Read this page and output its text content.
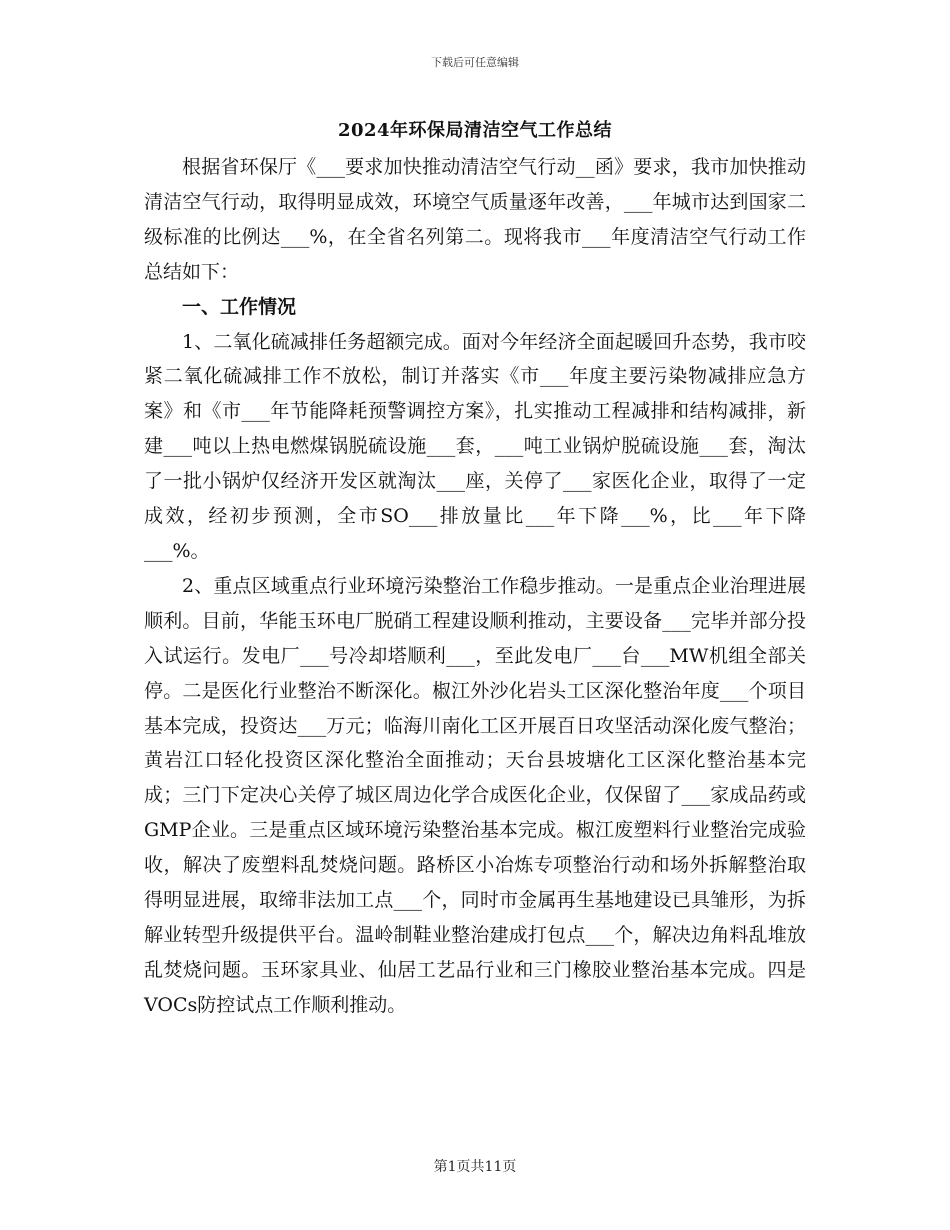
下载后可任意编辑
2024年环保局清洁空气工作总结

根据省环保厅《___要求加快推动清洁空气行动__函》要求，我市加快推动清洁空气行动，取得明显成效，环境空气质量逐年改善，___年城市达到国家二级标准的比例达___%，在全省名列第二。现将我市___年度清洁空气行动工作总结如下：

一、工作情况

1、二氧化硫减排任务超额完成。面对今年经济全面起暖回升态势，我市咬紧二氧化硫减排工作不放松，制订并落实《市___年度主要污染物减排应急方案》和《市___年节能降耗预警调控方案》，扎实推动工程减排和结构减排，新建___吨以上热电燃煤锅脱硫设施___套，___吨工业锅炉脱硫设施___套，淘汰了一批小锅炉仅经济开发区就淘汰___座，关停了___家医化企业，取得了一定成效，经初步预测，全市SO___排放量比___年下降___%，比___年下降___%。

2、重点区域重点行业环境污染整治工作稳步推动。一是重点企业治理进展顺利。目前，华能玉环电厂脱硝工程建设顺利推动，主要设备___完毕并部分投入试运行。发电厂___号冷却塔顺利___，至此发电厂___台___MW机组全部关停。二是医化行业整治不断深化。椒江外沙化岩头工区深化整治年度___个项目基本完成，投资达___万元；临海川南化工区开展百日攻坚活动深化废气整治；黄岩江口轻化投资区深化整治全面推动；天台县坡塘化工区深化整治基本完成；三门下定决心关停了城区周边化学合成医化企业，仅保留了___家成品药或GMP企业。三是重点区域环境污染整治基本完成。椒江废塑料行业整治完成验收，解决了废塑料乱焚烧问题。路桥区小冶炼专项整治行动和场外拆解整治取得明显进展，取缔非法加工点___个，同时市金属再生基地建设已具雏形，为拆解业转型升级提供平台。温岭制鞋业整治建成打包点___个，解决边角料乱堆放乱焚烧问题。玉环家具业、仙居工艺品行业和三门橡胶业整治基本完成。四是VOCs防控试点工作顺利推动。

第1页共11页
